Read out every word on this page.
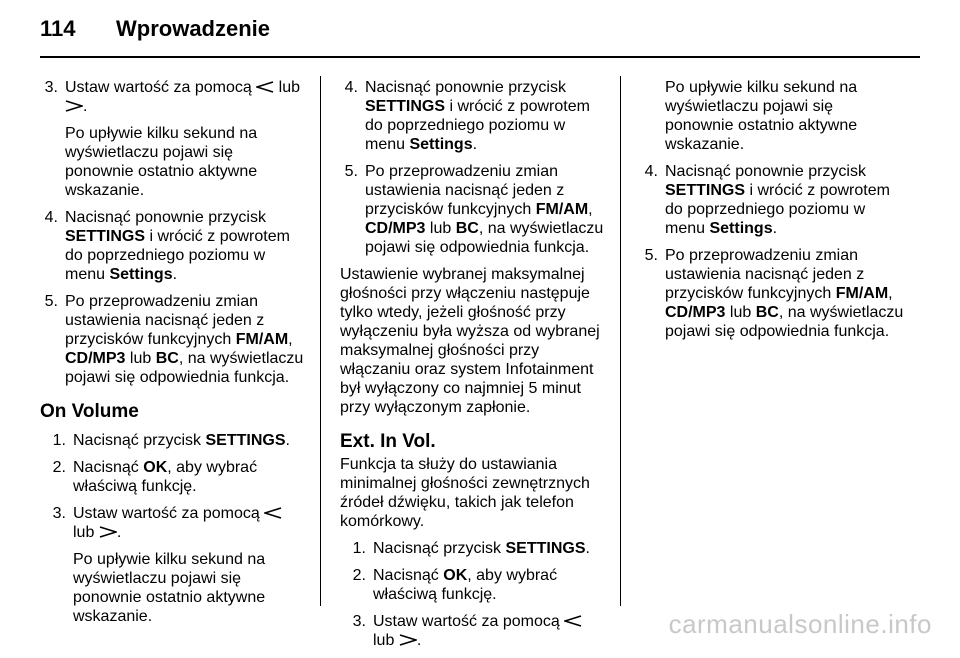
114 Wprowadzenie
3. Ustaw wartość za pomocą lub .
Po upływie kilku sekund na wyświetlaczu pojawi się ponownie ostatnio aktywne wskazanie.
4. Nacisnąć ponownie przycisk SETTINGS i wrócić z powrotem do poprzedniego poziomu w menu Settings.
5. Po przeprowadzeniu zmian ustawienia nacisnąć jeden z przycisków funkcyjnych FM/AM, CD/MP3 lub BC, na wyświetlaczu pojawi się odpowiednia funkcja.
On Volume
1. Nacisnąć przycisk SETTINGS.
2. Nacisnąć OK, aby wybrać właściwą funkcję.
3. Ustaw wartość za pomocą  lub .
Po upływie kilku sekund na wyświetlaczu pojawi się ponownie ostatnio aktywne wskazanie.
4. Nacisnąć ponownie przycisk SETTINGS i wrócić z powrotem do poprzedniego poziomu w menu Settings.
5. Po przeprowadzeniu zmian ustawienia nacisnąć jeden z przycisków funkcyjnych FM/AM, CD/MP3 lub BC, na wyświetlaczu pojawi się odpowiednia funkcja.
Ustawienie wybranej maksymalnej głośności przy włączeniu następuje tylko wtedy, jeżeli głośność przy wyłączeniu była wyższa od wybranej maksymalnej głośności przy włączaniu oraz system Infotainment był wyłączony co najmniej 5 minut przy wyłączonym zapłonie.
Ext. In Vol.
Funkcja ta służy do ustawiania minimalnej głośności zewnętrznych źródeł dźwięku, takich jak telefon komórkowy.
1. Nacisnąć przycisk SETTINGS.
2. Nacisnąć OK, aby wybrać właściwą funkcję.
3. Ustaw wartość za pomocą  lub .
Po upływie kilku sekund na wyświetlaczu pojawi się ponownie ostatnio aktywne wskazanie.
4. Nacisnąć ponownie przycisk SETTINGS i wrócić z powrotem do poprzedniego poziomu w menu Settings.
5. Po przeprowadzeniu zmian ustawienia nacisnąć jeden z przycisków funkcyjnych FM/AM, CD/MP3 lub BC, na wyświetlaczu pojawi się odpowiednia funkcja.
carmanualsonline.info
